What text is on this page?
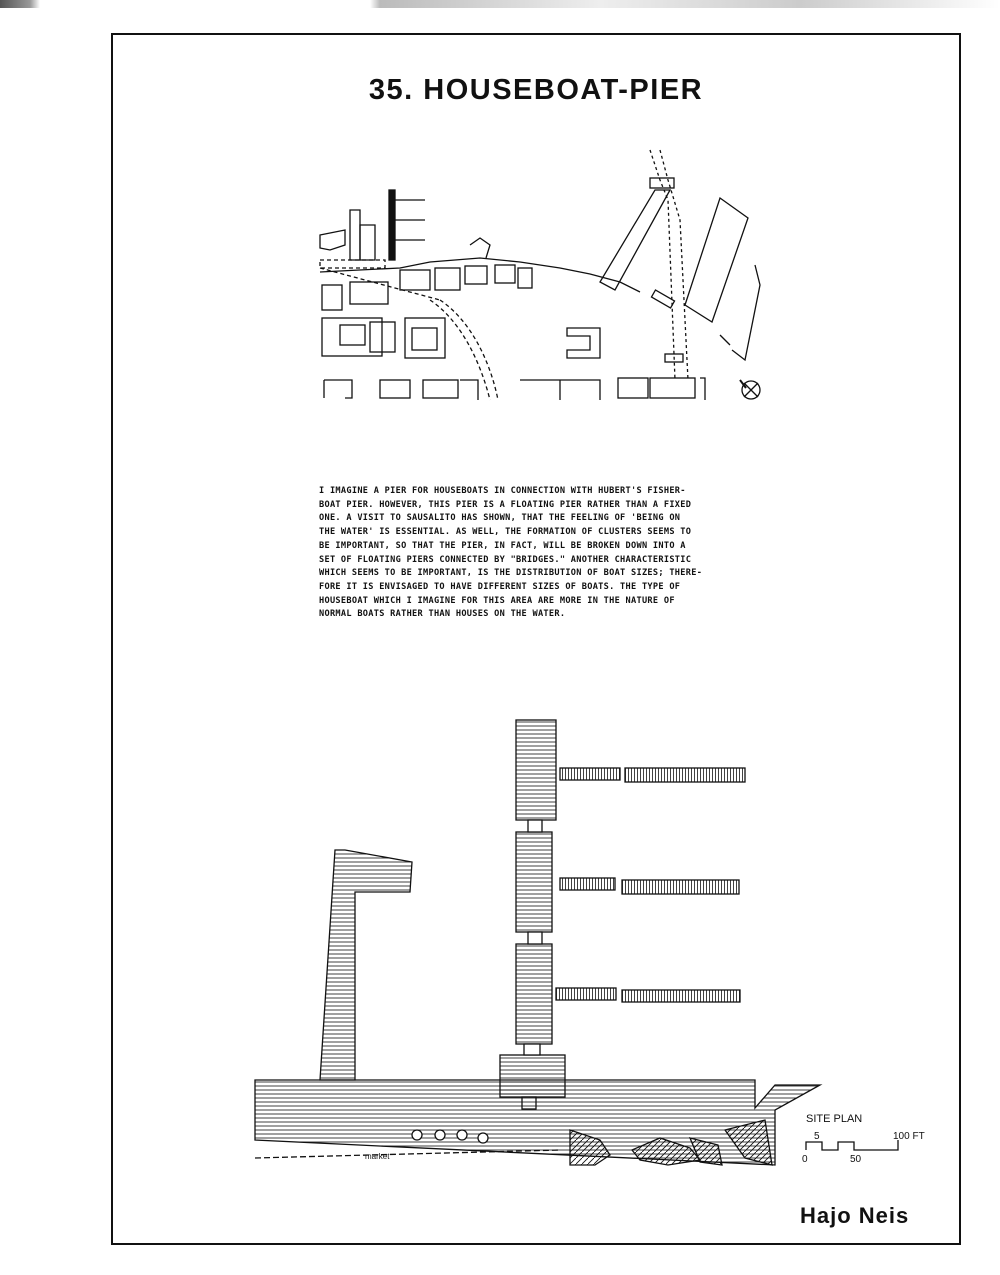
35. HOUSEBOAT-PIER

I IMAGINE A PIER FOR HOUSEBOATS IN CONNECTION WITH HUBERT'S FISHER-

BOAT PIER. HOWEVER, THIS PIER IS A FLOATING PIER RATHER THAN A FIXED

ONE. A VISIT TO SAUSALITO HAS SHOWN, THAT THE FEELING OF 'BEING ON

THE WATER' IS ESSENTIAL. AS WELL, THE FORMATION OF CLUSTERS SEEMS TO

BE IMPORTANT, SO THAT THE PIER, IN FACT, WILL BE BROKEN DOWN INTO A

SET OF FLOATING PIERS CONNECTED BY "BRIDGES." ANOTHER CHARACTERISTIC

WHICH SEEMS TO BE IMPORTANT, IS THE DISTRIBUTION OF BOAT SIZES; THERE-

FORE IT IS ENVISAGED TO HAVE DIFFERENT SIZES OF BOATS. THE TYPE OF

HOUSEBOAT WHICH I IMAGINE FOR THIS AREA ARE MORE IN THE NATURE OF

NORMAL BOATS RATHER THAN HOUSES ON THE WATER.

SITE PLAN
5	100 FT
0	50
market
Hajo Neis
